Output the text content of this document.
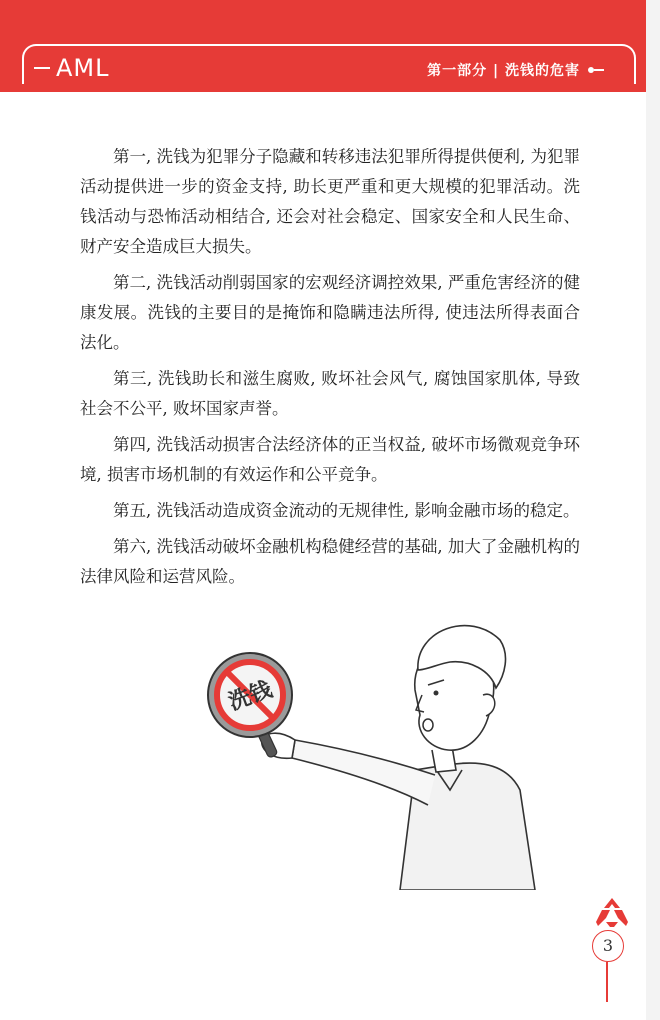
AML	第一部分 | 洗钱的危害

第一, 洗钱为犯罪分子隐藏和转移违法犯罪所得提供便利, 为犯罪活动提供进一步的资金支持, 助长更严重和更大规模的犯罪活动。洗钱活动与恐怖活动相结合, 还会对社会稳定、国家安全和人民生命、财产安全造成巨大损失。

第二, 洗钱活动削弱国家的宏观经济调控效果, 严重危害经济的健康发展。洗钱的主要目的是掩饰和隐瞒违法所得, 使违法所得表面合法化。

第三, 洗钱助长和滋生腐败, 败坏社会风气, 腐蚀国家肌体, 导致社会不公平, 败坏国家声誉。

第四, 洗钱活动损害合法经济体的正当权益, 破坏市场微观竞争环境, 损害市场机制的有效运作和公平竞争。

第五, 洗钱活动造成资金流动的无规律性, 影响金融市场的稳定。

第六, 洗钱活动破坏金融机构稳健经营的基础, 加大了金融机构的法律风险和运营风险。

洗钱
3
